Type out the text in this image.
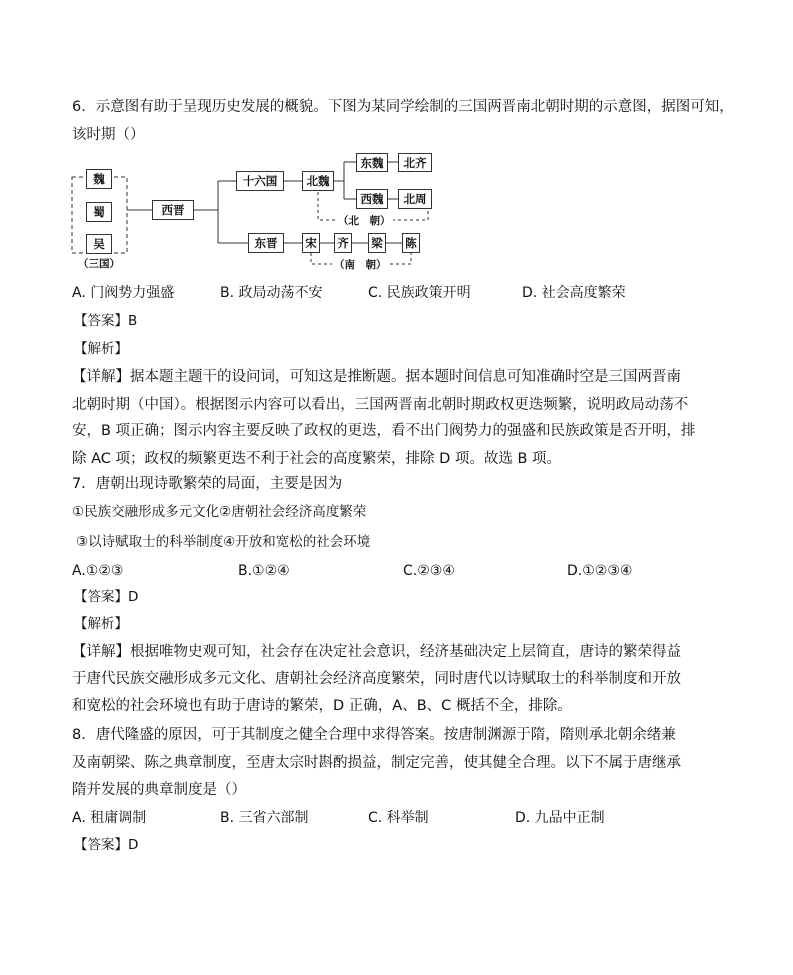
6．示意图有助于呈现历史发展的概貌。下图为某同学绘制的三国两晋南北朝时期的示意图，据图可知，
该时期（）
魏
蜀
吴
（三国）
西晋
十六国	北魏
东魏	北齐
西魏	北周
（北　朝）
东晋	宋 齐 梁 陈
（南　朝）
A. 门阀势力强盛	B. 政局动荡不安	C. 民族政策开明	D. 社会高度繁荣
【答案】B
【解析】
【详解】据本题主题干的设问词，可知这是推断题。据本题时间信息可知准确时空是三国两晋南
北朝时期（中国）。根据图示内容可以看出，三国两晋南北朝时期政权更迭频繁，说明政局动荡不
安，B 项正确；图示内容主要反映了政权的更迭，看不出门阀势力的强盛和民族政策是否开明，排
除 AC 项；政权的频繁更迭不利于社会的高度繁荣，排除 D 项。故选 B 项。
7．唐朝出现诗歌繁荣的局面，主要是因为
①民族交融形成多元文化②唐朝社会经济高度繁荣
③以诗赋取士的科举制度④开放和宽松的社会环境
A.①②③	B.①②④	C.②③④	D.①②③④
【答案】D
【解析】
【详解】根据唯物史观可知，社会存在决定社会意识，经济基础决定上层简直，唐诗的繁荣得益
于唐代民族交融形成多元文化、唐朝社会经济高度繁荣，同时唐代以诗赋取士的科举制度和开放
和宽松的社会环境也有助于唐诗的繁荣，D 正确，A、B、C 概括不全，排除。
8．唐代隆盛的原因，可于其制度之健全合理中求得答案。按唐制渊源于隋，隋则承北朝余绪兼
及南朝梁、陈之典章制度，至唐太宗时斟酌损益，制定完善，使其健全合理。以下不属于唐继承
隋并发展的典章制度是（）
A. 租庸调制	B. 三省六部制	C. 科举制	D. 九品中正制
【答案】D
